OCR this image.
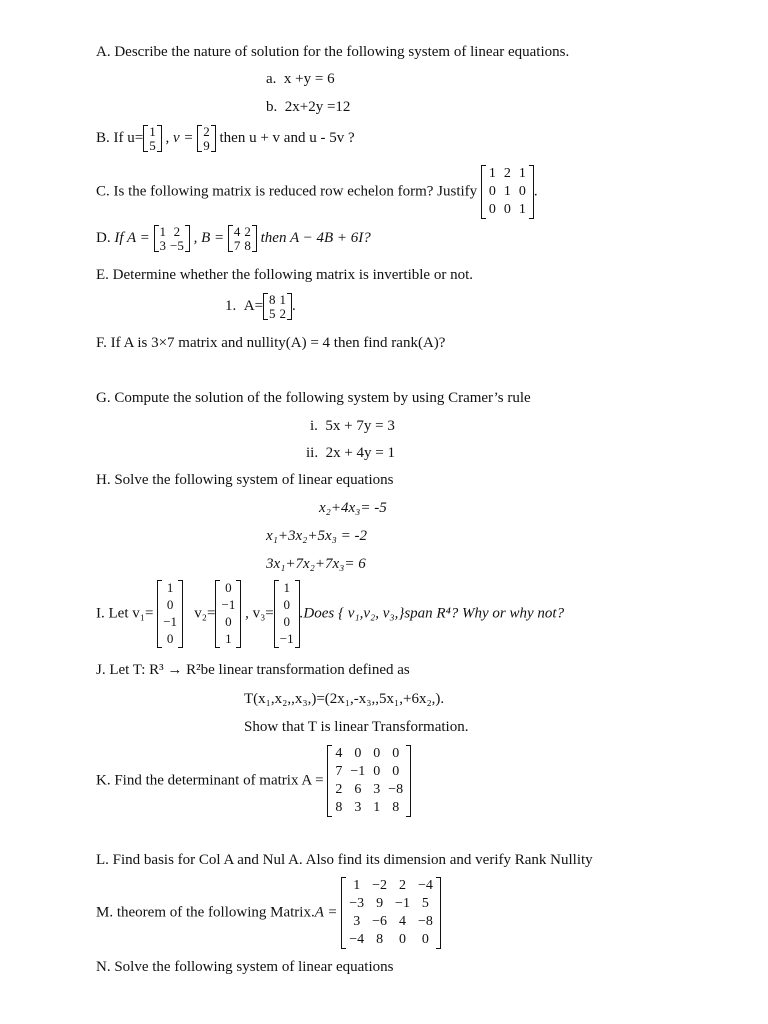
A. Describe the nature of solution for the following system of linear equations.
a. x +y = 6
b. 2x+2y =12
B. If u= 1
5 , v = 2
9 then u + v and u - 5v ?
C. Is the following matrix is reduced row echelon form? Justify
1	2	1
0	1	0
0	0	1
.
D. If A = 1	2
3	−5 , B = 4	2
7	8 then A − 4B + 6I?
E. Determine whether the following matrix is invertible or not.
1. A= 8	1
5	2 .
F. If A is 3×7 matrix and nullity(A) = 4 then find rank(A)?
G. Compute the solution of the following system by using Cramer’s rule
i. 5x + 7y = 3
ii. 2x + 4y = 1
H. Solve the following system of linear equations
x₂+4x₃= -5
x₁+3x₂+5x₃ = -2
3x₁+7x₂+7x₃= 6
I. Let v₁=
1
0
−1
0
v₂=
0
−1
0
1
, v₃=
1
0
0
−1
.Does { v₁,v₂, v₃,}span R⁴? Why or why not?
J. Let T: R³ → R²be linear transformation defined as
T(x₁,x₂,,x₃,)=(2x₁,-x₃,,5x₁,+6x₂,).
Show that T is linear Transformation.
K. Find the determinant of matrix A =
4	0	0	0
7	−1	0	0
2	6	3	−8
8	3	1	8
L. Find basis for Col A and Nul A. Also find its dimension and verify Rank Nullity
M. theorem of the following Matrix.A =
1	−2	2	−4
−3	9	−1	5
3	−6	4	−8
−4	8	0	0
N. Solve the following system of linear equations
